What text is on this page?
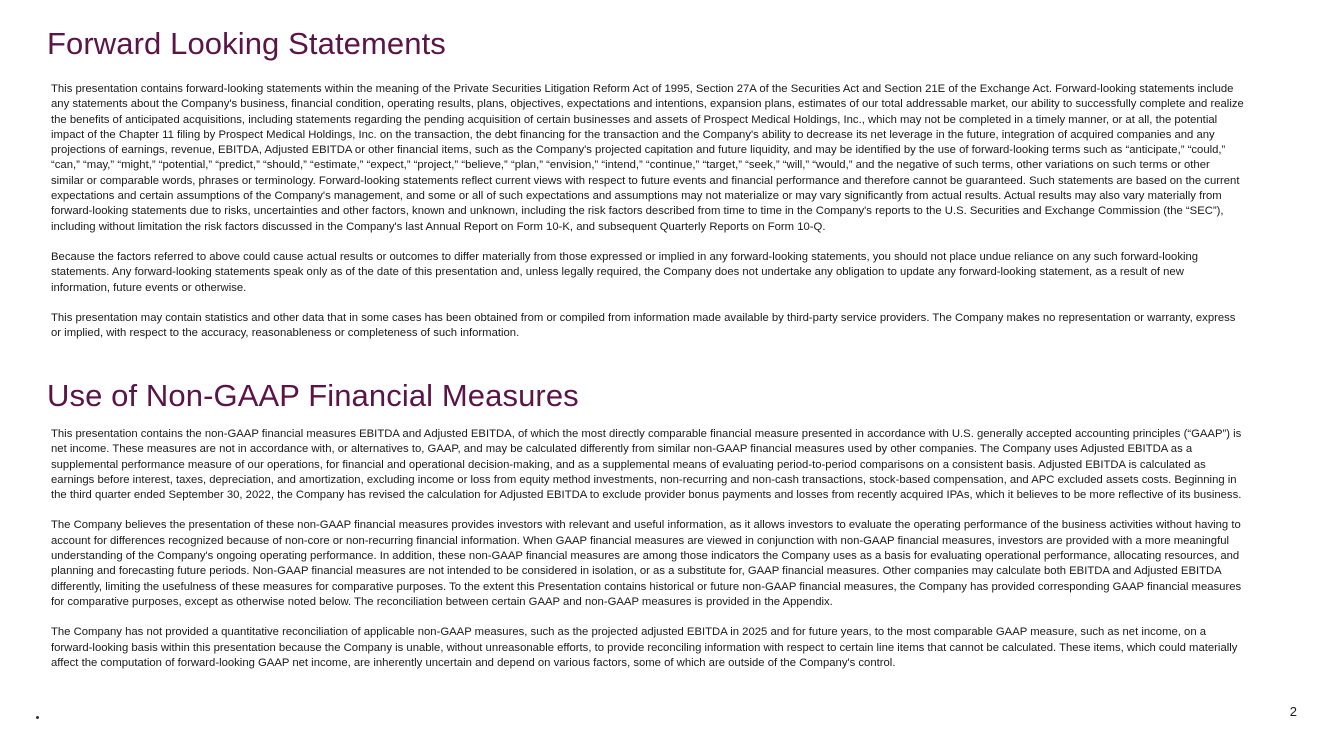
Forward Looking Statements

This presentation contains forward-looking statements within the meaning of the Private Securities Litigation Reform Act of 1995, Section 27A of the Securities Act and Section 21E of the Exchange Act. Forward-looking statements include any statements about the Company's business, financial condition, operating results, plans, objectives, expectations and intentions, expansion plans, estimates of our total addressable market, our ability to successfully complete and realize the benefits of anticipated acquisitions, including statements regarding the pending acquisition of certain businesses and assets of Prospect Medical Holdings, Inc., which may not be completed in a timely manner, or at all, the potential impact of the Chapter 11 filing by Prospect Medical Holdings, Inc. on the transaction, the debt financing for the transaction and the Company's ability to decrease its net leverage in the future, integration of acquired companies and any projections of earnings, revenue, EBITDA, Adjusted EBITDA or other financial items, such as the Company's projected capitation and future liquidity, and may be identified by the use of forward-looking terms such as “anticipate,” “could,” “can,” “may,” “might,” “potential,” “predict,” “should,” “estimate,” “expect,” “project,” “believe,” “plan,” “envision,” “intend,” “continue,” “target,” “seek,” “will,” “would,” and the negative of such terms, other variations on such terms or other similar or comparable words, phrases or terminology. Forward-looking statements reflect current views with respect to future events and financial performance and therefore cannot be guaranteed. Such statements are based on the current expectations and certain assumptions of the Company's management, and some or all of such expectations and assumptions may not materialize or may vary significantly from actual results. Actual results may also vary materially from forward-looking statements due to risks, uncertainties and other factors, known and unknown, including the risk factors described from time to time in the Company's reports to the U.S. Securities and Exchange Commission (the “SEC”), including without limitation the risk factors discussed in the Company's last Annual Report on Form 10-K, and subsequent Quarterly Reports on Form 10-Q.

Because the factors referred to above could cause actual results or outcomes to differ materially from those expressed or implied in any forward-looking statements, you should not place undue reliance on any such forward-looking statements. Any forward-looking statements speak only as of the date of this presentation and, unless legally required, the Company does not undertake any obligation to update any forward-looking statement, as a result of new information, future events or otherwise.

This presentation may contain statistics and other data that in some cases has been obtained from or compiled from information made available by third-party service providers. The Company makes no representation or warranty, express or implied, with respect to the accuracy, reasonableness or completeness of such information.

Use of Non-GAAP Financial Measures

This presentation contains the non-GAAP financial measures EBITDA and Adjusted EBITDA, of which the most directly comparable financial measure presented in accordance with U.S. generally accepted accounting principles (“GAAP”) is net income. These measures are not in accordance with, or alternatives to, GAAP, and may be calculated differently from similar non-GAAP financial measures used by other companies. The Company uses Adjusted EBITDA as a supplemental performance measure of our operations, for financial and operational decision-making, and as a supplemental means of evaluating period-to-period comparisons on a consistent basis. Adjusted EBITDA is calculated as earnings before interest, taxes, depreciation, and amortization, excluding income or loss from equity method investments, non-recurring and non-cash transactions, stock-based compensation, and APC excluded assets costs. Beginning in the third quarter ended September 30, 2022, the Company has revised the calculation for Adjusted EBITDA to exclude provider bonus payments and losses from recently acquired IPAs, which it believes to be more reflective of its business.

The Company believes the presentation of these non-GAAP financial measures provides investors with relevant and useful information, as it allows investors to evaluate the operating performance of the business activities without having to account for differences recognized because of non-core or non-recurring financial information. When GAAP financial measures are viewed in conjunction with non-GAAP financial measures, investors are provided with a more meaningful understanding of the Company's ongoing operating performance. In addition, these non-GAAP financial measures are among those indicators the Company uses as a basis for evaluating operational performance, allocating resources, and planning and forecasting future periods. Non-GAAP financial measures are not intended to be considered in isolation, or as a substitute for, GAAP financial measures. Other companies may calculate both EBITDA and Adjusted EBITDA differently, limiting the usefulness of these measures for comparative purposes. To the extent this Presentation contains historical or future non-GAAP financial measures, the Company has provided corresponding GAAP financial measures for comparative purposes, except as otherwise noted below. The reconciliation between certain GAAP and non-GAAP measures is provided in the Appendix.

The Company has not provided a quantitative reconciliation of applicable non-GAAP measures, such as the projected adjusted EBITDA in 2025 and for future years, to the most comparable GAAP measure, such as net income, on a forward-looking basis within this presentation because the Company is unable, without unreasonable efforts, to provide reconciling information with respect to certain line items that cannot be calculated. These items, which could materially affect the computation of forward-looking GAAP net income, are inherently uncertain and depend on various factors, some of which are outside of the Company's control.

2
